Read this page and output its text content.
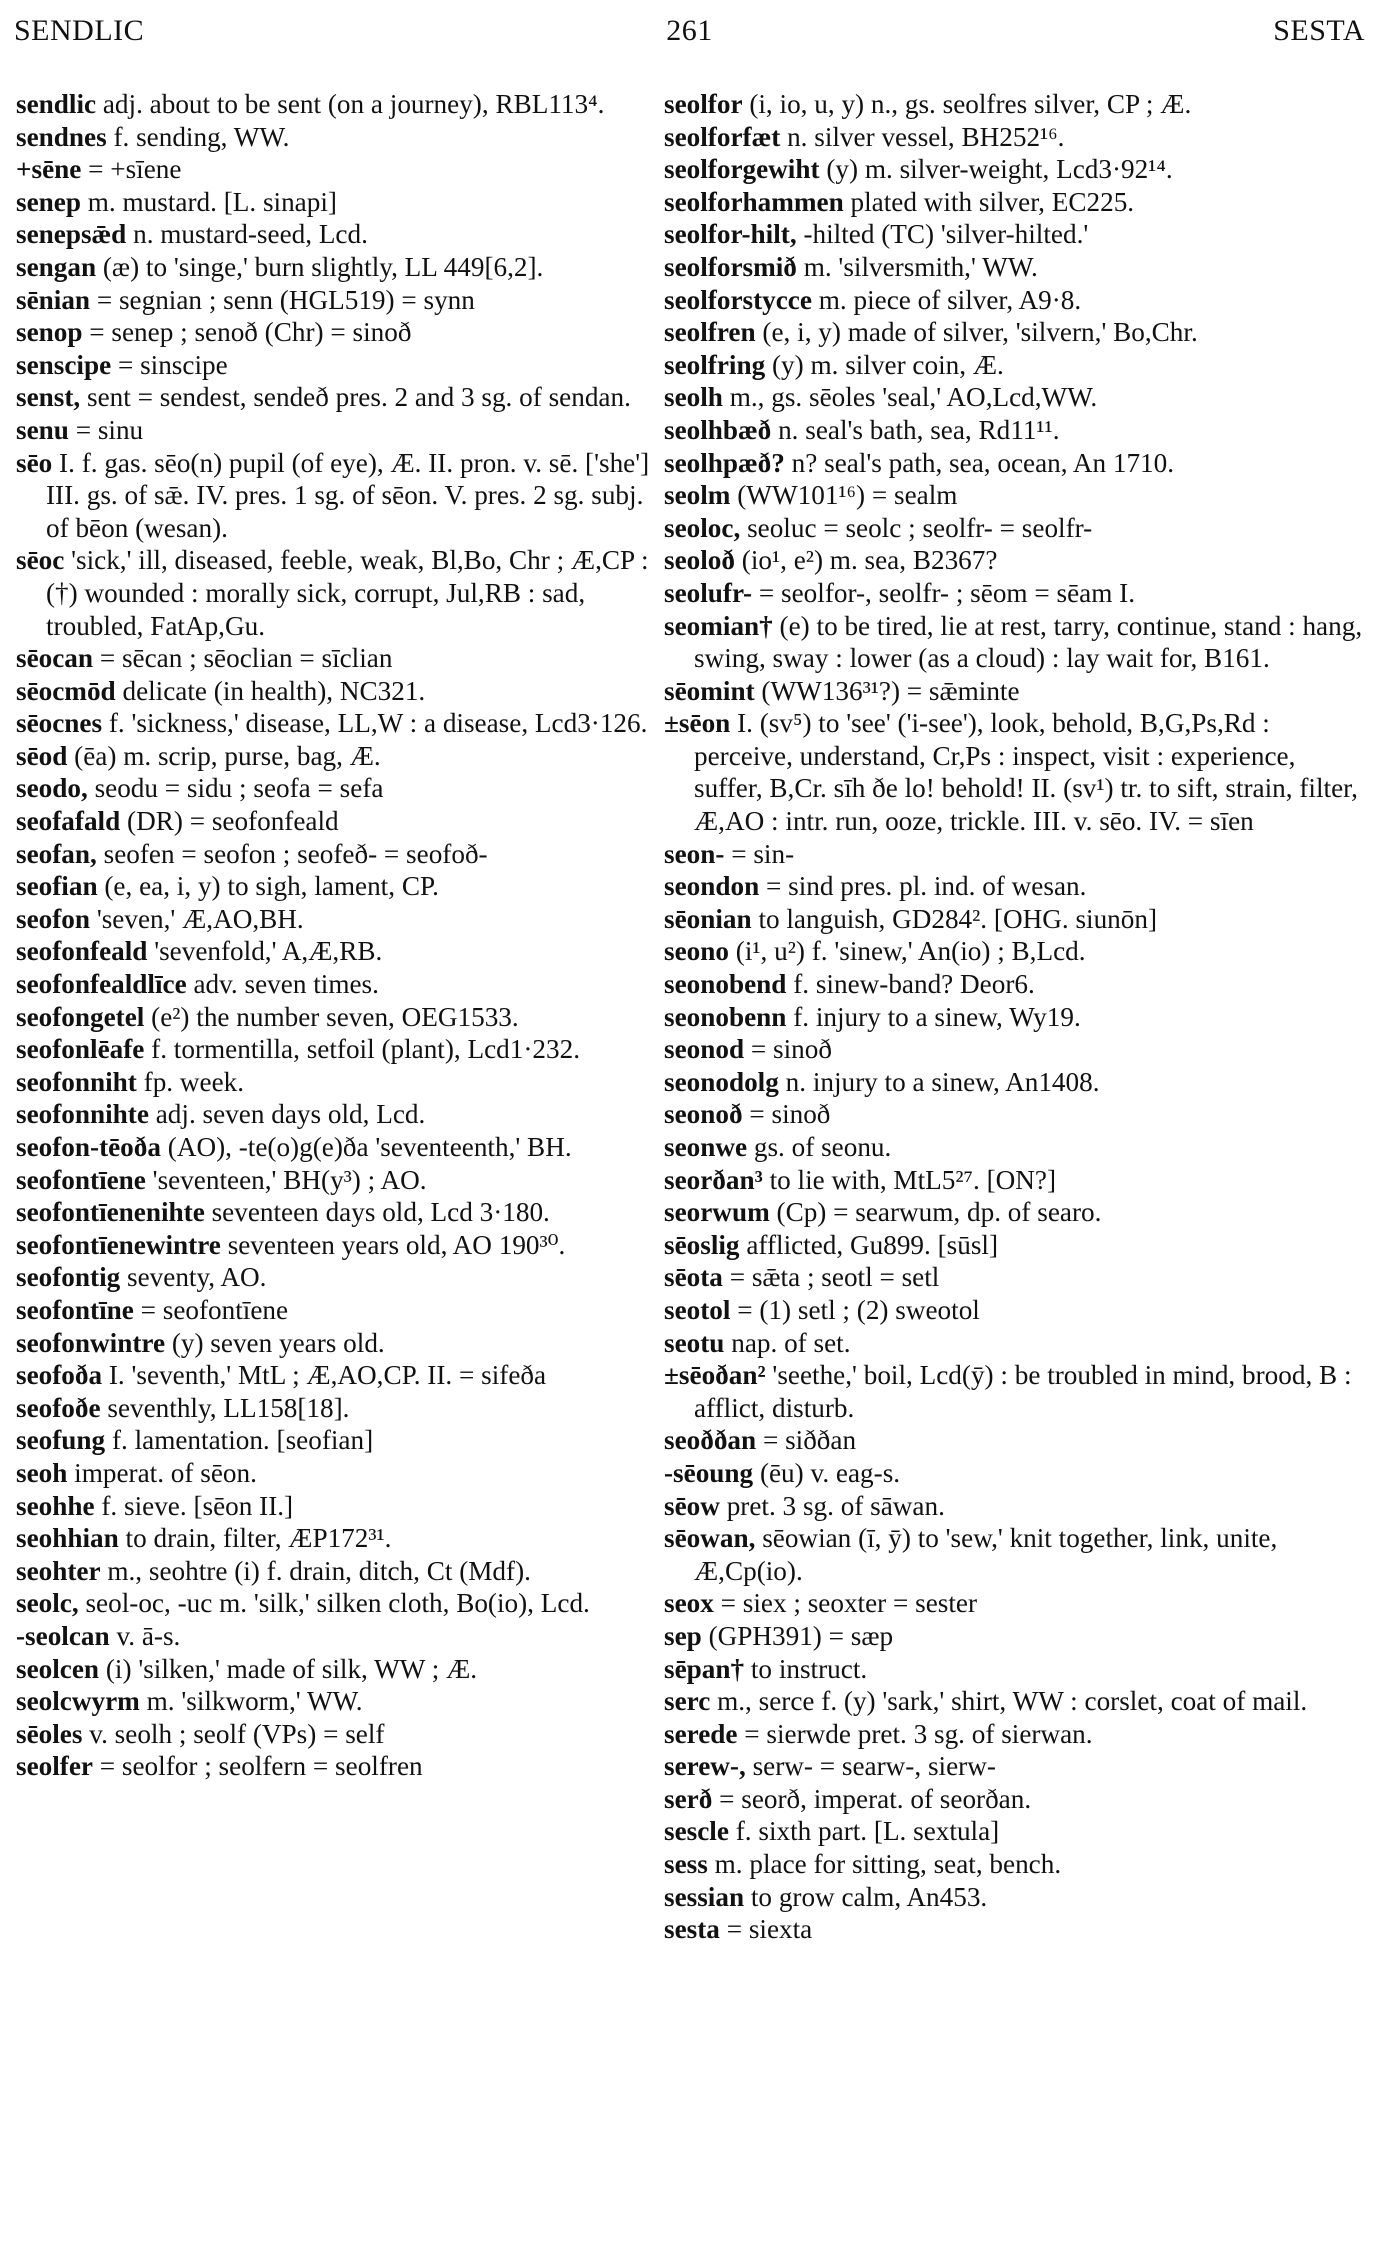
SENDLIC	261	SESTA

sendlic adj. about to be sent (on a journey), RBL113⁴.

sendnes f. sending, WW.

+sēne = +sīene

senep m. mustard. [L. sinapi]

senepsǣd n. mustard-seed, Lcd.

sengan (æ) to 'singe,' burn slightly, LL 449[6,2].

sēnian = segnian ; senn (HGL519) = synn

senop = senep ; senoð (Chr) = sinoð

senscipe = sinscipe

senst, sent = sendest, sendeð pres. 2 and 3 sg. of sendan.

senu = sinu

sēo I. f. gas. sēo(n) pupil (of eye), Æ. II. pron. v. sē. ['she'] III. gs. of sǣ. IV. pres. 1 sg. of sēon. V. pres. 2 sg. subj. of bēon (wesan).

sēoc 'sick,' ill, diseased, feeble, weak, Bl,Bo, Chr ; Æ,CP : (†) wounded : morally sick, corrupt, Jul,RB : sad, troubled, FatAp,Gu.

sēocan = sēcan ; sēoclian = sīclian

sēocmōd delicate (in health), NC321.

sēocnes f. 'sickness,' disease, LL,W : a disease, Lcd3·126.

sēod (ēa) m. scrip, purse, bag, Æ.

seodo, seodu = sidu ; seofa = sefa

seofafald (DR) = seofonfeald

seofan, seofen = seofon ; seofeð- = seofoð-

seofian (e, ea, i, y) to sigh, lament, CP.

seofon 'seven,' Æ,AO,BH.

seofonfeald 'sevenfold,' A,Æ,RB.

seofonfealdlīce adv. seven times.

seofongetel (e²) the number seven, OEG1533.

seofonlēafe f. tormentilla, setfoil (plant), Lcd1·232.

seofonniht fp. week.

seofonnihte adj. seven days old, Lcd.

seofon-tēoða (AO), -te(o)g(e)ða 'seventeenth,' BH.

seofontīene 'seventeen,' BH(y³) ; AO.

seofontīenenihte seventeen days old, Lcd 3·180.

seofontīenewintre seventeen years old, AO 190³⁰.

seofontig seventy, AO.

seofontīne = seofontīene

seofonwintre (y) seven years old.

seofoða I. 'seventh,' MtL ; Æ,AO,CP. II. = sifeða

seofoðe seventhly, LL158[18].

seofung f. lamentation. [seofian]

seoh imperat. of sēon.

seohhe f. sieve. [sēon II.]

seohhian to drain, filter, ÆP172³¹.

seohter m., seohtre (i) f. drain, ditch, Ct (Mdf).

seolc, seol-oc, -uc m. 'silk,' silken cloth, Bo(io), Lcd.

-seolcan v. ā-s.

seolcen (i) 'silken,' made of silk, WW ; Æ.

seolcwyrm m. 'silkworm,' WW.

sēoles v. seolh ; seolf (VPs) = self

seolfer = seolfor ; seolfern = seolfren

seolfor (i, io, u, y) n., gs. seolfres silver, CP ; Æ.

seolforfæt n. silver vessel, BH252¹⁶.

seolforgewiht (y) m. silver-weight, Lcd3·92¹⁴.

seolforhammen plated with silver, EC225.

seolfor-hilt, -hilted (TC) 'silver-hilted.'

seolforsmið m. 'silversmith,' WW.

seolforstycce m. piece of silver, A9·8.

seolfren (e, i, y) made of silver, 'silvern,' Bo,Chr.

seolfring (y) m. silver coin, Æ.

seolh m., gs. sēoles 'seal,' AO,Lcd,WW.

seolhbæð n. seal's bath, sea, Rd11¹¹.

seolhpæð? n? seal's path, sea, ocean, An 1710.

seolm (WW101¹⁶) = sealm

seoloc, seoluc = seolc ; seolfr- = seolfr-

seoloð (io¹, e²) m. sea, B2367?

seolufr- = seolfor-, seolfr- ; sēom = sēam I.

seomian† (e) to be tired, lie at rest, tarry, continue, stand : hang, swing, sway : lower (as a cloud) : lay wait for, B161.

sēomint (WW136³¹?) = sǣminte

±sēon I. (sv⁵) to 'see' ('i-see'), look, behold, B,G,Ps,Rd : perceive, understand, Cr,Ps : inspect, visit : experience, suffer, B,Cr. sīh ðe lo! behold! II. (sv¹) tr. to sift, strain, filter, Æ,AO : intr. run, ooze, trickle. III. v. sēo. IV. = sīen

seon- = sin-

seondon = sind pres. pl. ind. of wesan.

sēonian to languish, GD284². [OHG. siunōn]

seono (i¹, u²) f. 'sinew,' An(io) ; B,Lcd.

seonobend f. sinew-band? Deor6.

seonobenn f. injury to a sinew, Wy19.

seonod = sinoð

seonodolg n. injury to a sinew, An1408.

seonoð = sinoð

seonwe gs. of seonu.

seorðan³ to lie with, MtL5²⁷. [ON?]

seorwum (Cp) = searwum, dp. of searo.

sēoslig afflicted, Gu899. [sūsl]

sēota = sǣta ; seotl = setl

seotol = (1) setl ; (2) sweotol

seotu nap. of set.

±sēoðan² 'seethe,' boil, Lcd(ȳ) : be troubled in mind, brood, B : afflict, disturb.

seoððan = siððan

-sēoung (ēu) v. eag-s.

sēow pret. 3 sg. of sāwan.

sēowan, sēowian (ī, ȳ) to 'sew,' knit together, link, unite, Æ,Cp(io).

seox = siex ; seoxter = sester

sep (GPH391) = sæp

sēpan† to instruct.

serc m., serce f. (y) 'sark,' shirt, WW : corslet, coat of mail.

serede = sierwde pret. 3 sg. of sierwan.

serew-, serw- = searw-, sierw-

serð = seorð, imperat. of seorðan.

sescle f. sixth part. [L. sextula]

sess m. place for sitting, seat, bench.

sessian to grow calm, An453.

sesta = siexta
